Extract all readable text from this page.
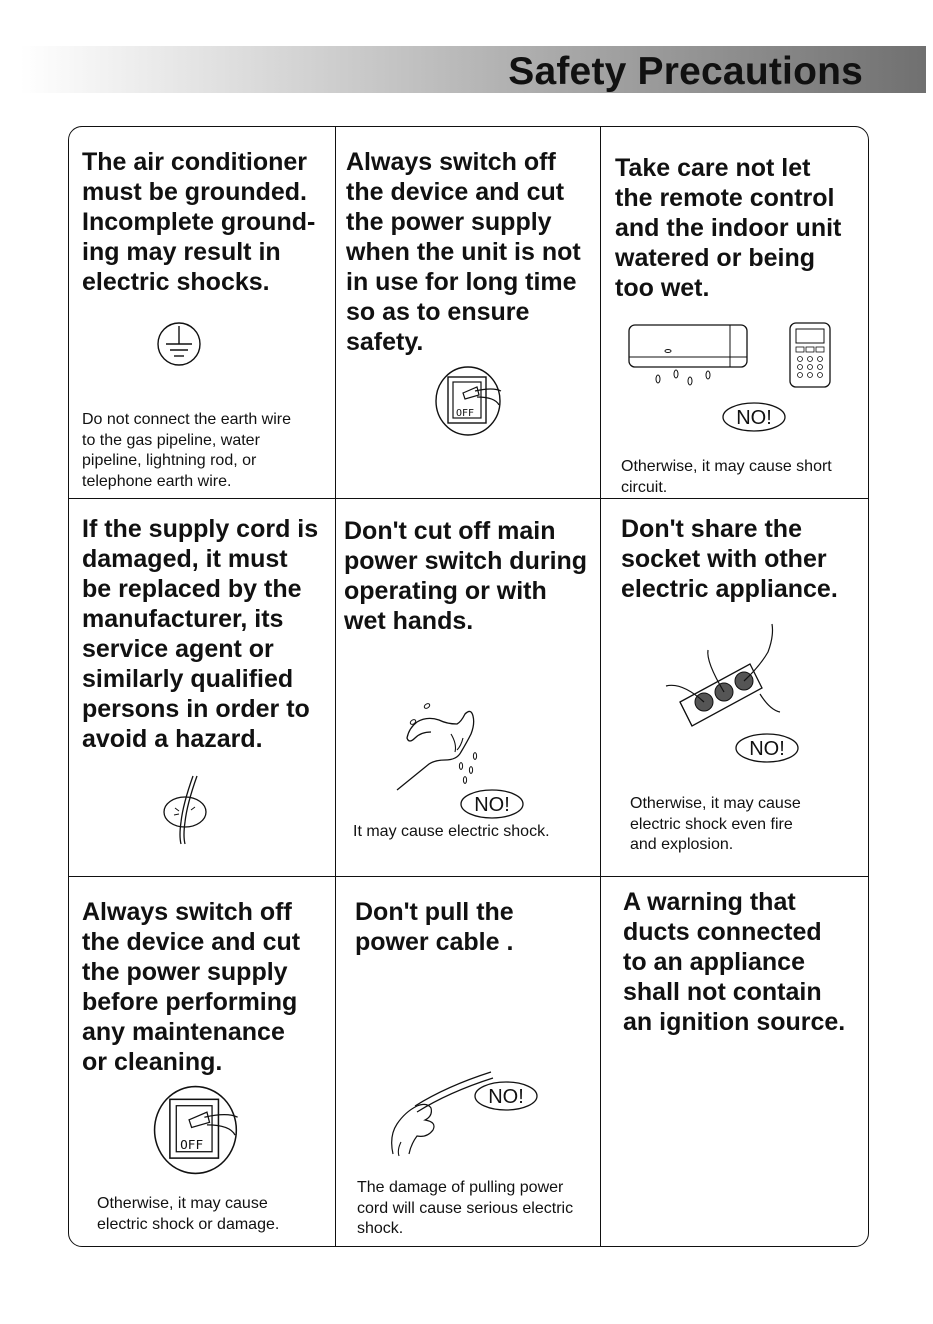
Safety Precautions
The air conditioner
must be grounded.
Incomplete ground-
ing may result in
electric shocks.
Do not connect the earth wire
to the gas pipeline, water
pipeline, lightning rod, or
telephone earth wire.
Always switch off
the device and cut
the power supply
when the unit is not
in use for long time
so as to ensure
safety.
OFF
Take care not let
the remote control
and the indoor unit
watered or being
too wet.
NO!
Otherwise, it may cause short
circuit.
If the supply cord is
damaged, it must
be replaced by the
manufacturer, its
service agent or
similarly qualified
persons in order to
avoid a hazard.
Don't cut off main
power switch during
operating or with
wet hands.
NO!
It may cause electric shock.
Don't share the
socket with other
electric appliance.
NO!
Otherwise, it may cause
electric shock even fire
and explosion.
Always switch off
the device and cut
the power supply
before performing
any maintenance
or cleaning.
OFF
Otherwise, it may cause
electric shock or damage.
Don't pull the
power cable .
NO!
The damage of pulling power
cord will cause serious electric
shock.
A warning that
ducts connected
to an appliance
shall not contain
an ignition source.
